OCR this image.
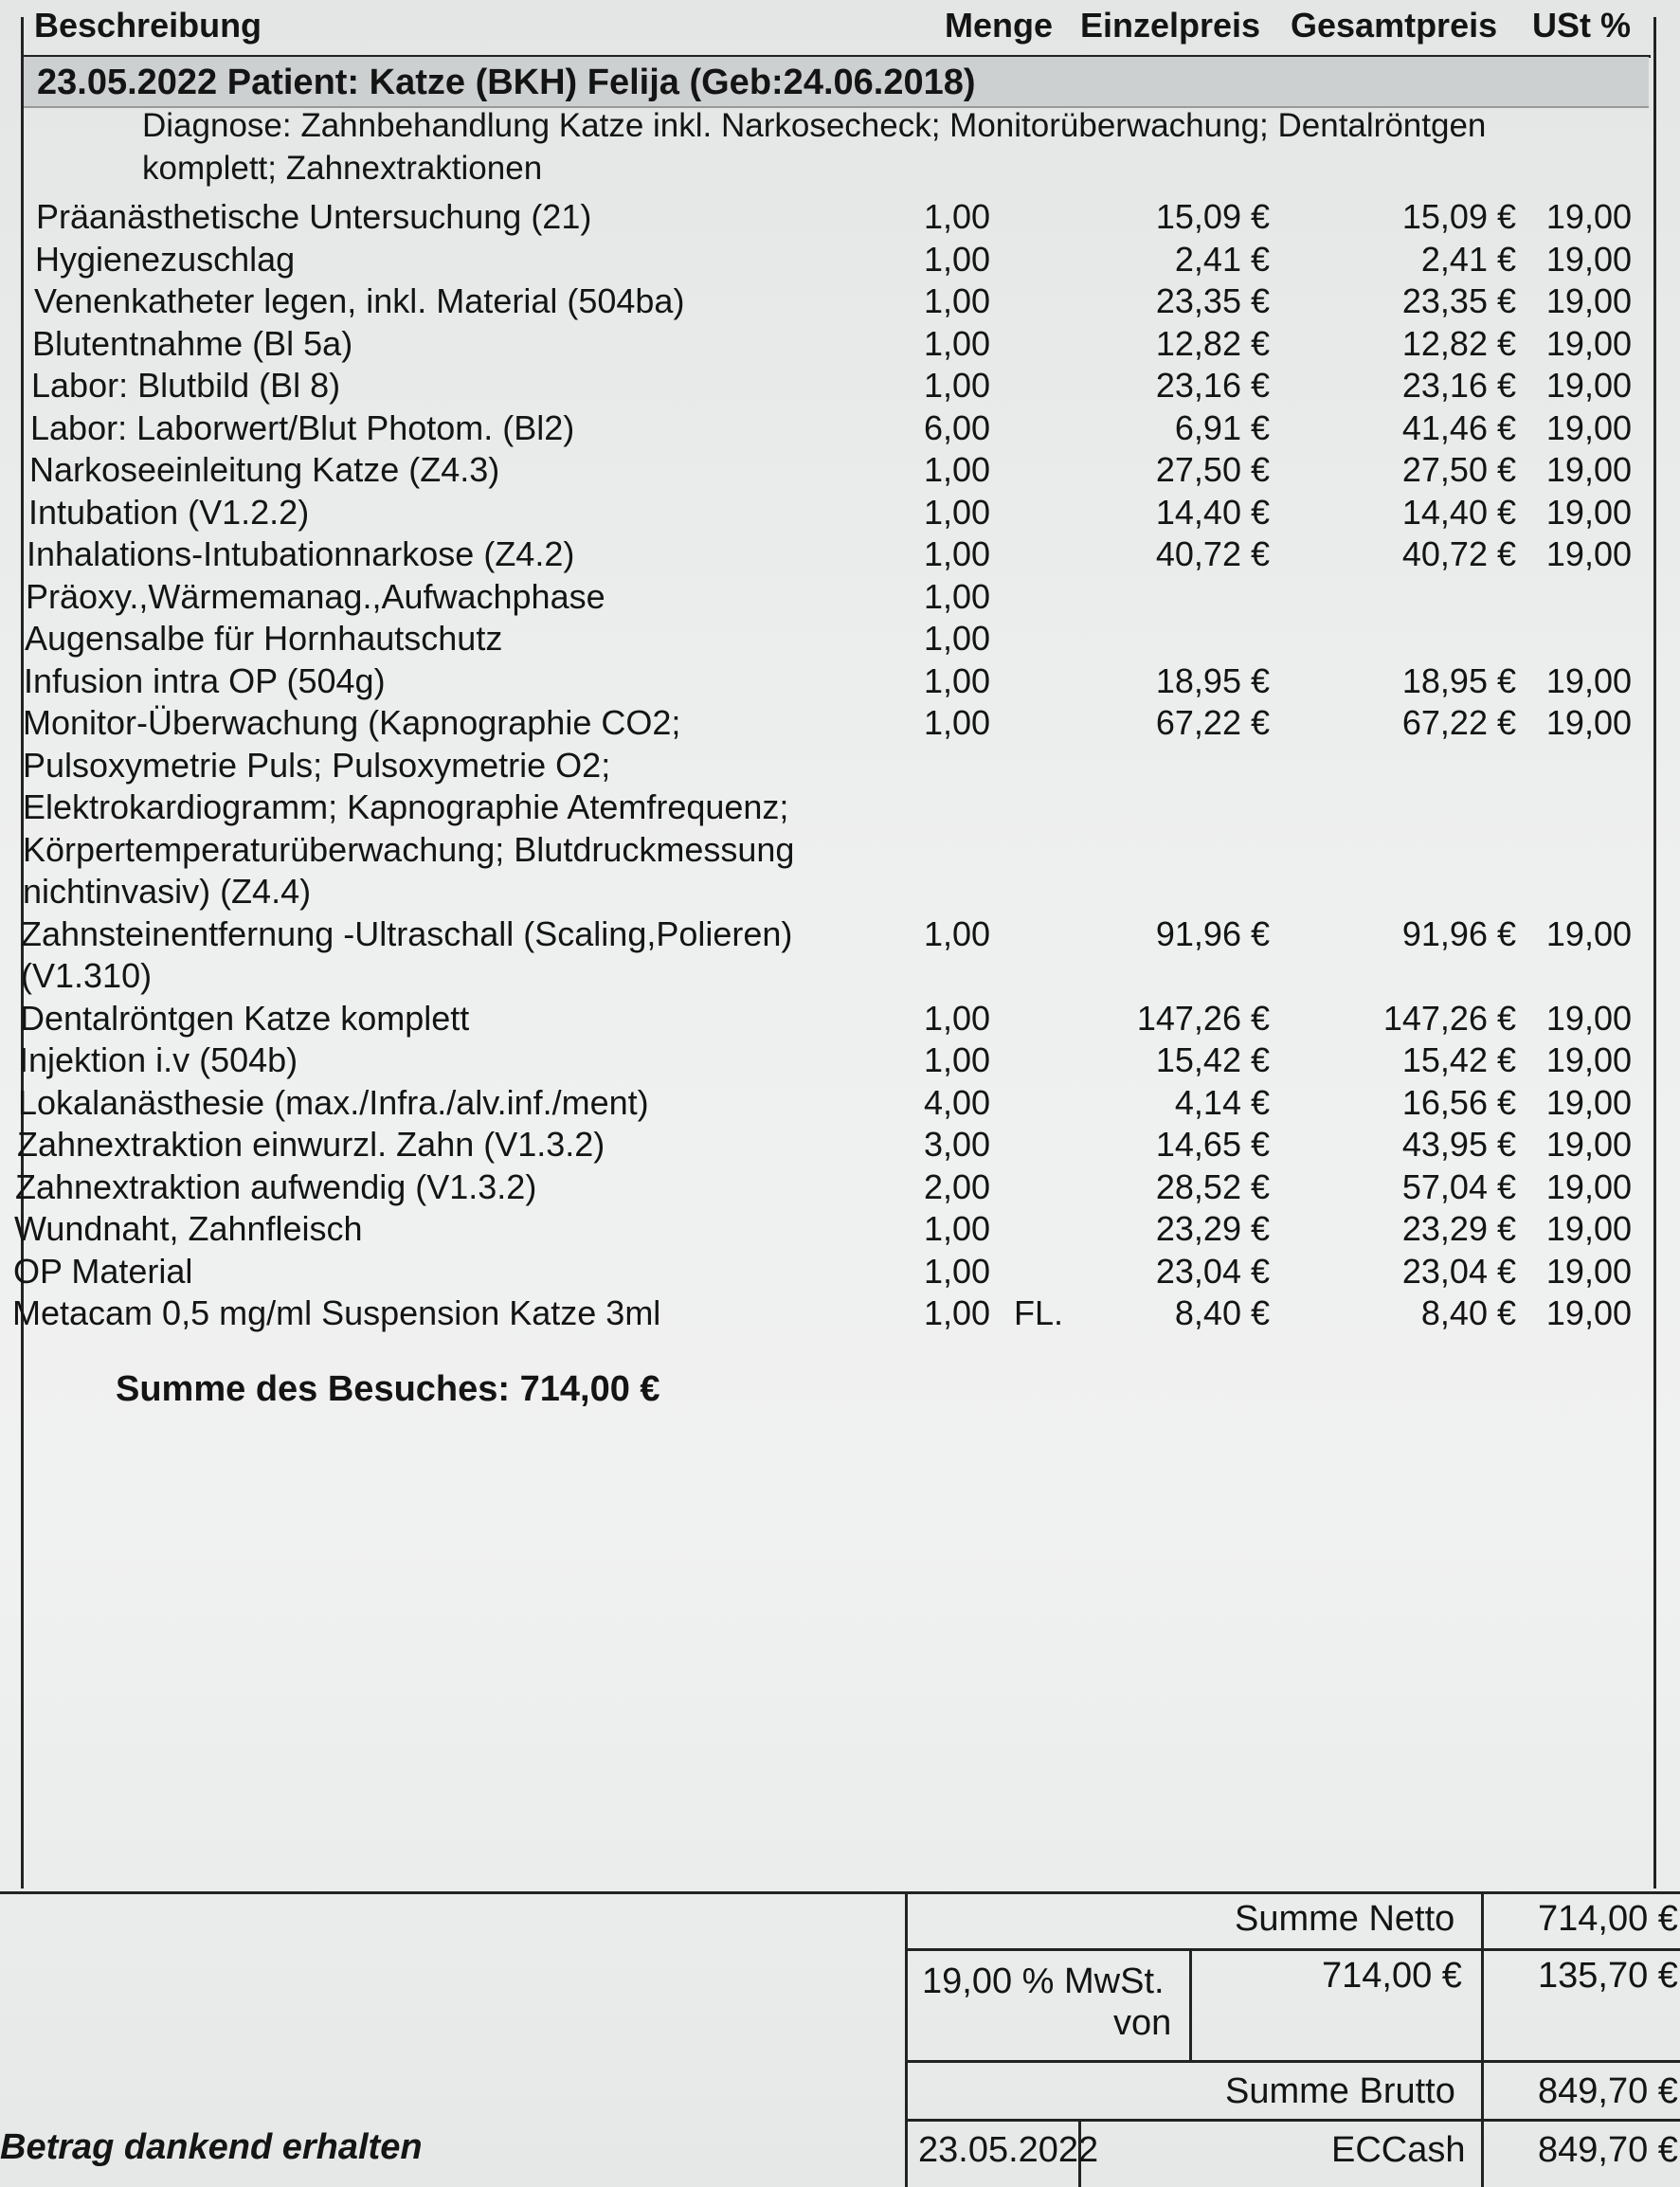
Beschreibung	Menge Einzelpreis Gesamtpreis USt %
23.05.2022 Patient: Katze (BKH) Felija (Geb:24.06.2018)
Diagnose: Zahnbehandlung Katze inkl. Narkosecheck; Monitorüberwachung; Dentalröntgen
komplett; Zahnextraktionen
Präanästhetische Untersuchung (21)	1,00	15,09 €	15,09 € 19,00
Hygienezuschlag	1,00	2,41 €	2,41 € 19,00
Venenkatheter legen, inkl. Material (504ba)	1,00	23,35 €	23,35 € 19,00
Blutentnahme (Bl 5a)	1,00	12,82 €	12,82 € 19,00
Labor: Blutbild (Bl 8)	1,00	23,16 €	23,16 € 19,00
Labor: Laborwert/Blut Photom. (Bl2)	6,00	6,91 €	41,46 € 19,00
Narkoseeinleitung Katze (Z4.3)	1,00	27,50 €	27,50 € 19,00
Intubation (V1.2.2)	1,00	14,40 €	14,40 € 19,00
Inhalations-Intubationnarkose (Z4.2)	1,00	40,72 €	40,72 € 19,00
Präoxy.,Wärmemanag.,Aufwachphase	1,00
Augensalbe für Hornhautschutz	1,00
Infusion intra OP (504g)	1,00	18,95 €	18,95 € 19,00
Monitor-Überwachung (Kapnographie CO2;
Pulsoxymetrie Puls; Pulsoxymetrie O2;
Elektrokardiogramm; Kapnographie Atemfrequenz;
Körpertemperaturüberwachung; Blutdruckmessung
nichtinvasiv) (Z4.4)
1,00	67,22 €	67,22 € 19,00
Zahnsteinentfernung -Ultraschall (Scaling,Polieren)
(V1.310)
1,00	91,96 €	91,96 € 19,00
Dentalröntgen Katze komplett	1,00	147,26 €	147,26 € 19,00
Injektion i.v (504b)	1,00	15,42 €	15,42 € 19,00
Lokalanästhesie (max./Infra./alv.inf./ment)	4,00	4,14 €	16,56 € 19,00
Zahnextraktion einwurzl. Zahn (V1.3.2)	3,00	14,65 €	43,95 € 19,00
Zahnextraktion aufwendig (V1.3.2)	2,00	28,52 €	57,04 € 19,00
Wundnaht, Zahnfleisch	1,00	23,29 €	23,29 € 19,00
OP Material	1,00	23,04 €	23,04 € 19,00
Metacam 0,5 mg/ml Suspension Katze 3ml	1,00 FL.	8,40 €	8,40 € 19,00
Summe des Besuches: 714,00 €
Summe Netto 714,00 €
19,00 % MwSt.
von
714,00 € 135,70 €
Summe Brutto 849,70 €
23.05.2022	ECCash 849,70 €
Betrag dankend erhalten
